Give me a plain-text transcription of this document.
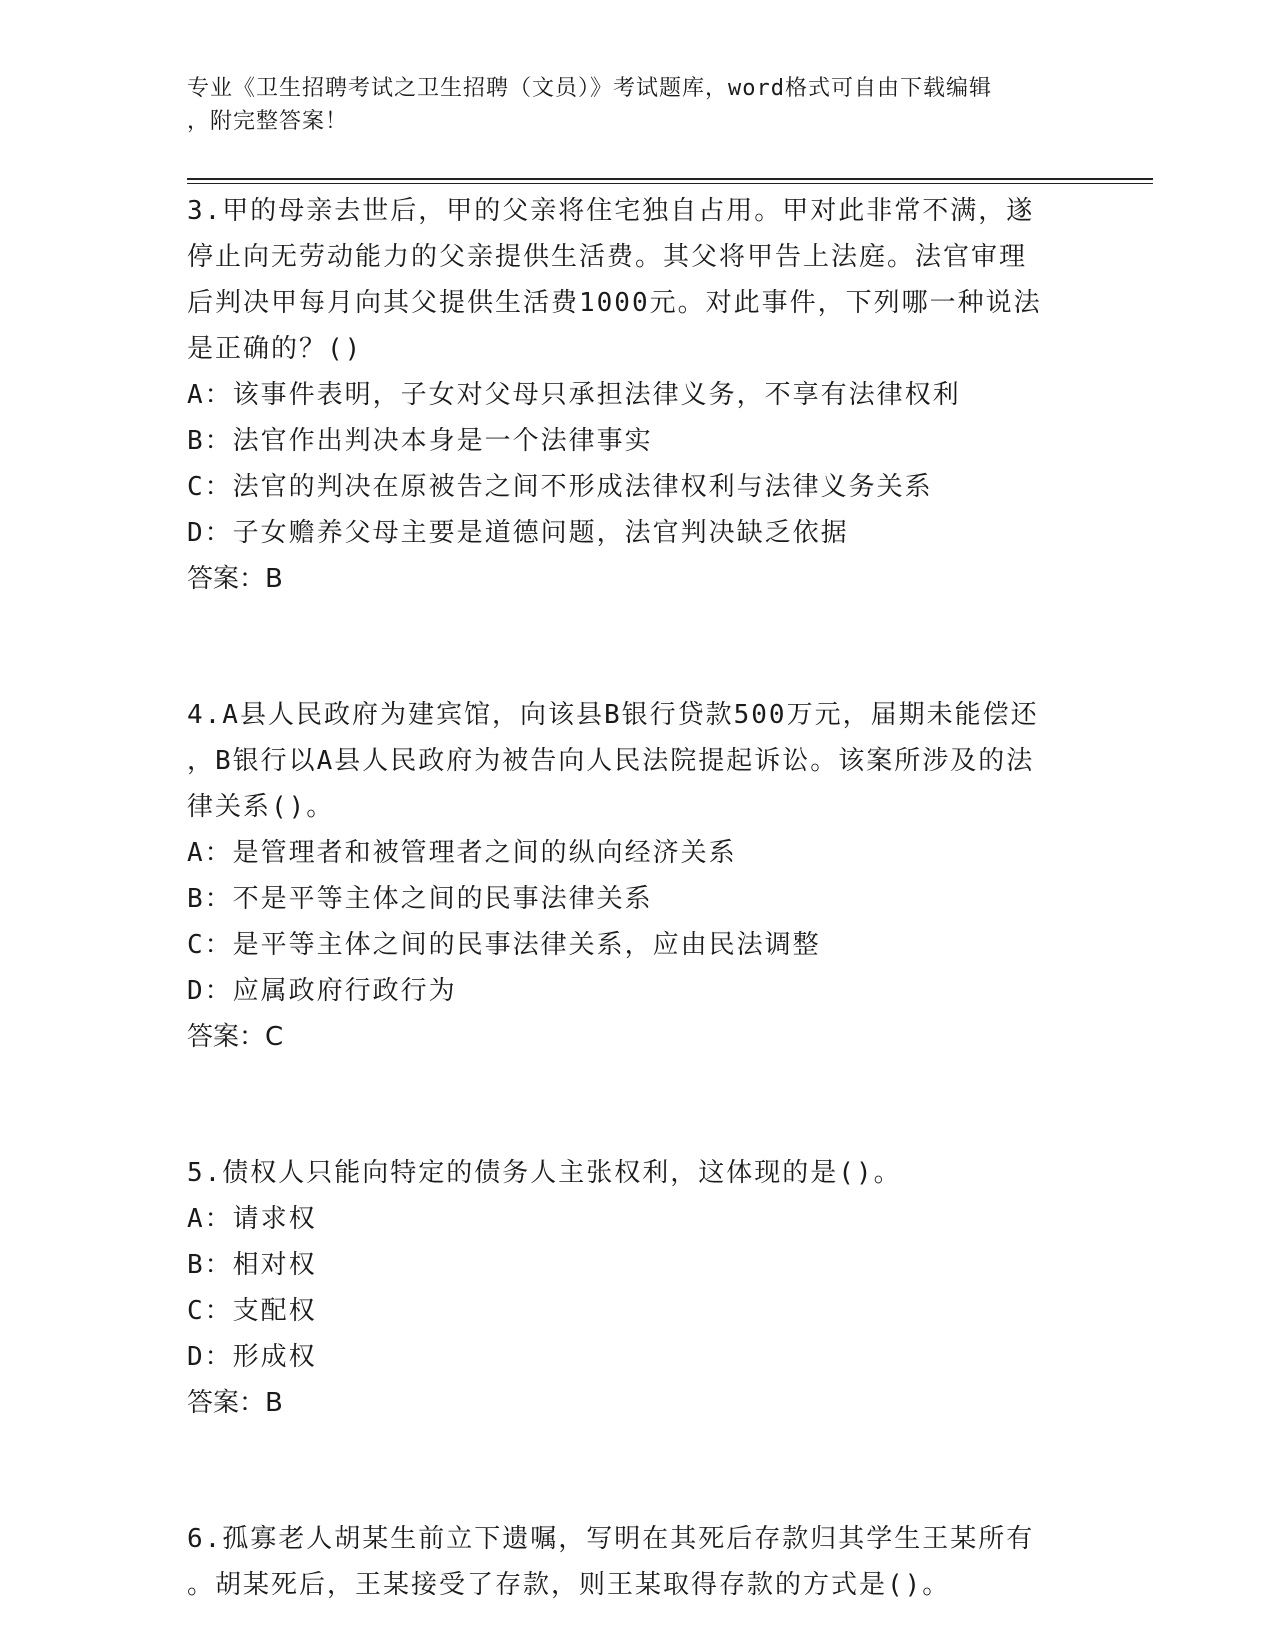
专业《卫生招聘考试之卫生招聘（文员）》考试题库，word格式可自由下载编辑
，附完整答案！
3.甲的母亲去世后，甲的父亲将住宅独自占用。甲对此非常不满，遂
停止向无劳动能力的父亲提供生活费。其父将甲告上法庭。法官审理
后判决甲每月向其父提供生活费1000元。对此事件，下列哪一种说法
是正确的？()
A：该事件表明，子女对父母只承担法律义务，不享有法律权利
B：法官作出判决本身是一个法律事实
C：法官的判决在原被告之间不形成法律权利与法律义务关系
D：子女赡养父母主要是道德问题，法官判决缺乏依据
答案：B
4.A县人民政府为建宾馆，向该县B银行贷款500万元，届期未能偿还
，B银行以A县人民政府为被告向人民法院提起诉讼。该案所涉及的法
律关系()。
A：是管理者和被管理者之间的纵向经济关系
B：不是平等主体之间的民事法律关系
C：是平等主体之间的民事法律关系，应由民法调整
D：应属政府行政行为
答案：C
5.债权人只能向特定的债务人主张权利，这体现的是()。
A：请求权
B：相对权
C：支配权
D：形成权
答案：B
6.孤寡老人胡某生前立下遗嘱，写明在其死后存款归其学生王某所有
。胡某死后，王某接受了存款，则王某取得存款的方式是()。
